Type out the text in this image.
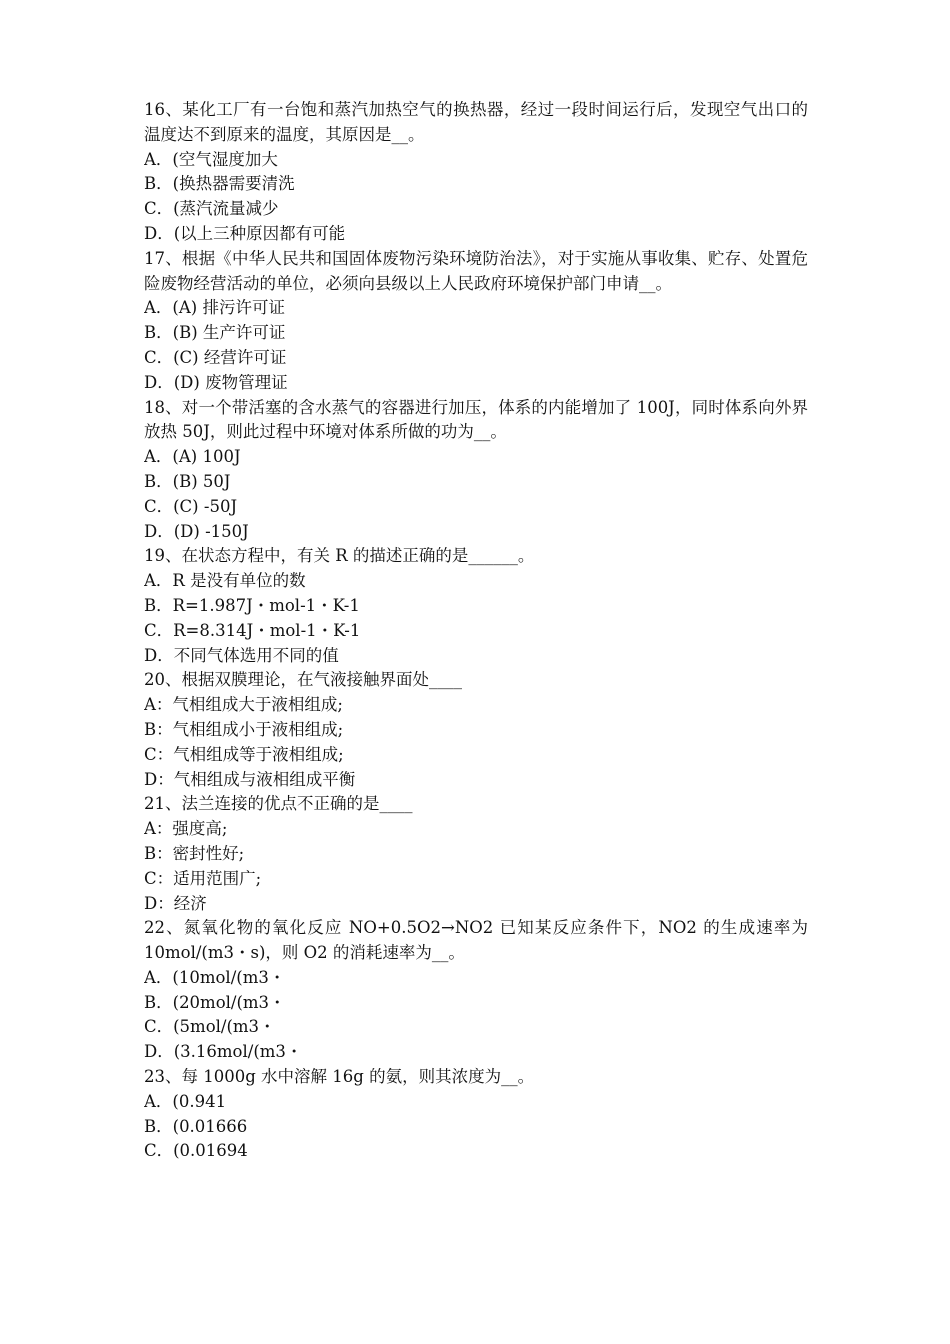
16、某化工厂有一台饱和蒸汽加热空气的换热器，经过一段时间运行后，发现空气出口的温度达不到原来的温度，其原因是__。
A．(空气湿度加大
B．(换热器需要清洗
C．(蒸汽流量减少
D．(以上三种原因都有可能
17、根据《中华人民共和国固体废物污染环境防治法》，对于实施从事收集、贮存、处置危险废物经营活动的单位，必须向县级以上人民政府环境保护部门申请__。
A．(A) 排污许可证
B．(B) 生产许可证
C．(C) 经营许可证
D．(D) 废物管理证
18、对一个带活塞的含水蒸气的容器进行加压，体系的内能增加了 100J，同时体系向外界放热 50J，则此过程中环境对体系所做的功为__。
A．(A) 100J
B．(B) 50J
C．(C) -50J
D．(D) -150J
19、在状态方程中，有关 R 的描述正确的是______。
A．R 是没有单位的数
B．R=1.987J・mol-1・K-1
C．R=8.314J・mol-1・K-1
D．不同气体选用不同的值
20、根据双膜理论，在气液接触界面处____
A：气相组成大于液相组成;
B：气相组成小于液相组成;
C：气相组成等于液相组成;
D：气相组成与液相组成平衡
21、法兰连接的优点不正确的是____
A：强度高;
B：密封性好;
C：适用范围广;
D：经济
22、氮氧化物的氧化反应 NO+0.5O2→NO2 已知某反应条件下，NO2 的生成速率为 10mol/(m3・s)，则 O2 的消耗速率为__。
A．(10mol/(m3・
B．(20mol/(m3・
C．(5mol/(m3・
D．(3.16mol/(m3・
23、每 1000g 水中溶解 16g 的氨，则其浓度为__。
A．(0.941
B．(0.01666
C．(0.01694
